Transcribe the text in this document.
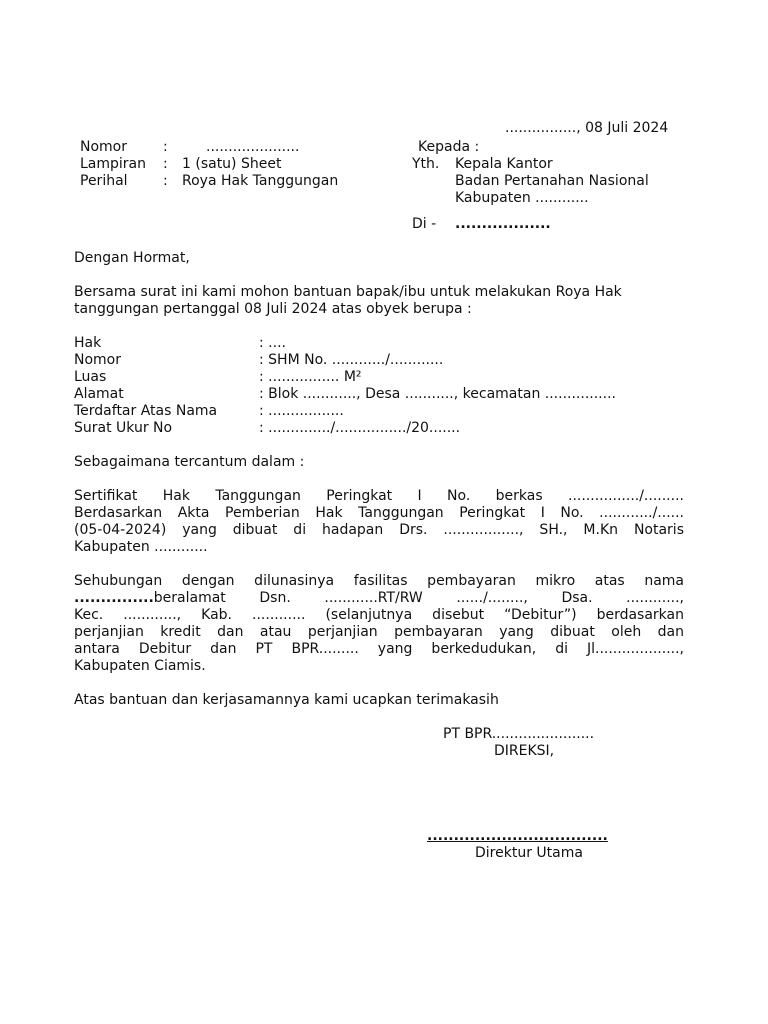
................, 08 Juli 2024
Nomor	:	.....................
Lampiran : 1 (satu) Sheet
Perihal	: Roya Hak Tanggungan
Kepada :
Yth. Kepala Kantor
Badan Pertanahan Nasional
Kabupaten ............
Di - ..................
Dengan Hormat,
Bersama surat ini kami mohon bantuan bapak/ibu untuk melakukan Roya Hak
tanggungan pertanggal 08 Juli 2024 atas obyek berupa :
Hak	: ....
Nomor	: SHM No. ............/............
Luas	: ................ M²
Alamat	: Blok ............, Desa ..........., kecamatan ................
Terdaftar Atas Nama	: .................
Surat Ukur No	: ............../................/20.......
Sebagaimana tercantum dalam :
Sertifikat Hak Tanggungan Peringkat I No. berkas ................/.........
Berdasarkan Akta Pemberian Hak Tanggungan Peringkat I No. ............/......
(05-04-2024) yang dibuat di hadapan Drs. ................., SH., M.Kn Notaris
Kabupaten ............
Sehubungan dengan dilunasinya fasilitas pembayaran mikro atas nama
...............beralamat Dsn. ............RT/RW ....../........, Dsa. ............,
Kec. ............, Kab. ............ (selanjutnya disebut “Debitur”) berdasarkan
perjanjian kredit dan atau perjanjian pembayaran yang dibuat oleh dan
antara Debitur dan PT BPR......... yang berkedudukan, di Jl...................,
Kabupaten Ciamis.
Atas bantuan dan kerjasamannya kami ucapkan terimakasih
PT BPR.......................
DIREKSI,
..................................
Direktur Utama
